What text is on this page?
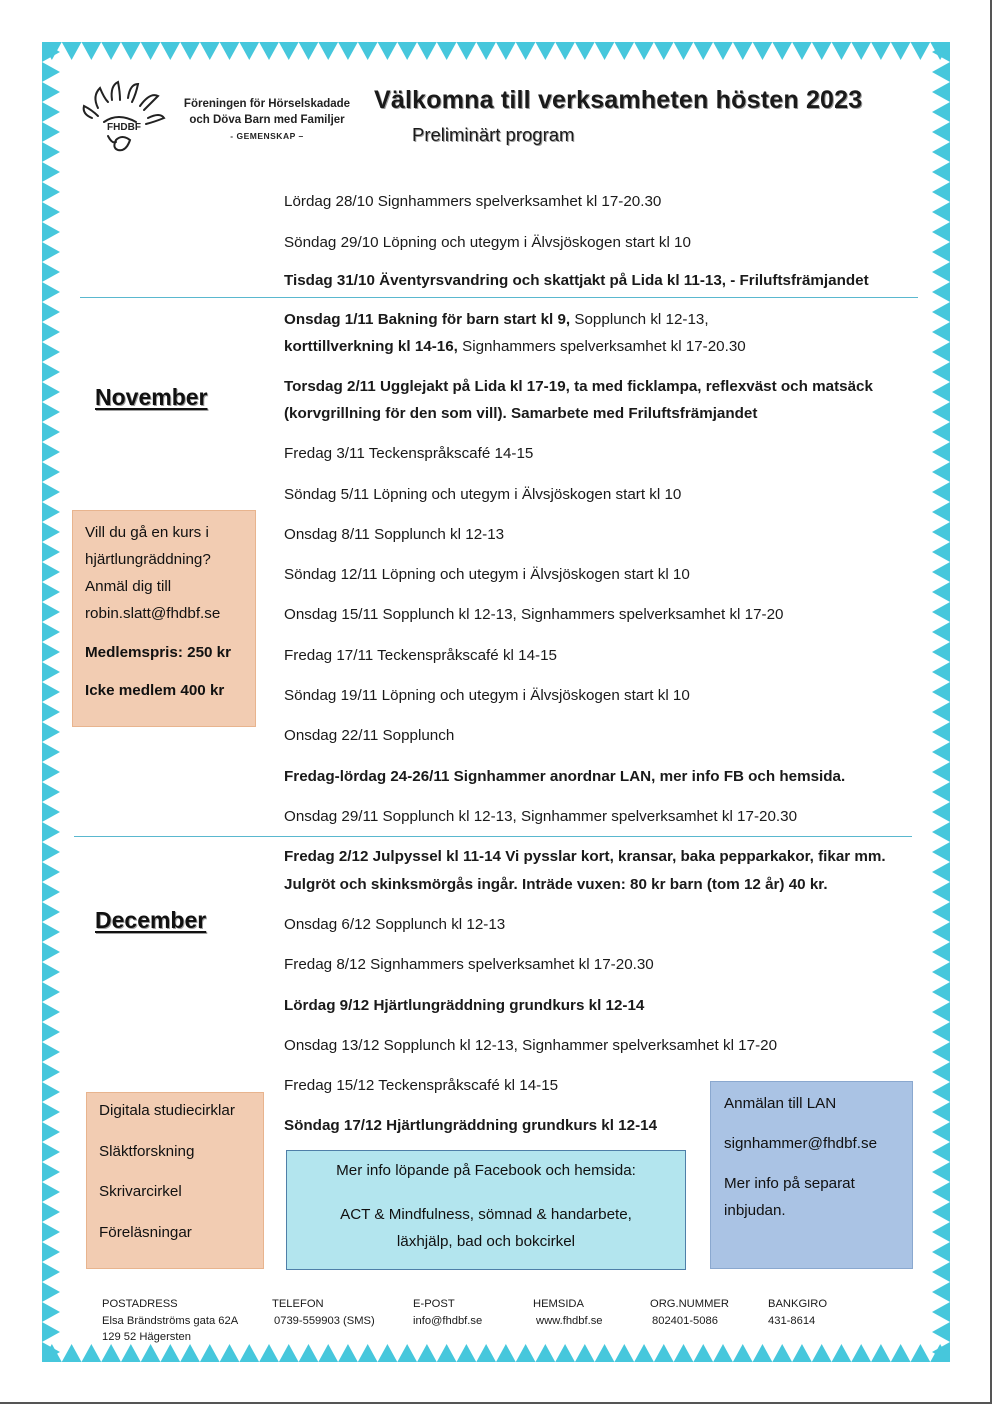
FHDBF
Föreningen för Hörselskadade
och Döva Barn med Familjer
- GEMENSKAP –
Välkomna till verksamheten hösten 2023
Preliminärt program
Lördag 28/10 Signhammers spelverksamhet kl 17-20.30
Söndag 29/10 Löpning och utegym i Älvsjöskogen start kl 10
Tisdag 31/10 Äventyrsvandring och skattjakt på Lida kl 11-13, - Friluftsfrämjandet
November
Onsdag 1/11 Bakning för barn start kl 9, Sopplunch kl 12-13,
korttillverkning kl 14-16, Signhammers spelverksamhet kl 17-20.30
Torsdag 2/11 Ugglejakt på Lida kl 17-19, ta med ficklampa, reflexväst och matsäck
(korvgrillning för den som vill). Samarbete med Friluftsfrämjandet
Fredag 3/11 Teckenspråkscafé 14-15
Söndag 5/11 Löpning och utegym i Älvsjöskogen start kl 10
Onsdag 8/11 Sopplunch kl 12-13
Söndag 12/11 Löpning och utegym i Älvsjöskogen start kl 10
Onsdag 15/11 Sopplunch kl 12-13, Signhammers spelverksamhet kl 17-20
Fredag 17/11 Teckenspråkscafé kl 14-15
Söndag 19/11 Löpning och utegym i Älvsjöskogen start kl 10
Onsdag 22/11 Sopplunch
Fredag-lördag 24-26/11 Signhammer anordnar LAN, mer info FB och hemsida.
Onsdag 29/11 Sopplunch kl 12-13, Signhammer spelverksamhet kl 17-20.30
December
Fredag 2/12 Julpyssel kl 11-14 Vi pysslar kort, kransar, baka pepparkakor, fikar mm.
Julgröt och skinksmörgås ingår. Inträde vuxen: 80 kr barn (tom 12 år) 40 kr.
Onsdag 6/12 Sopplunch kl 12-13
Fredag 8/12 Signhammers spelverksamhet kl 17-20.30
Lördag 9/12 Hjärtlungräddning grundkurs kl 12-14
Onsdag 13/12 Sopplunch kl 12-13, Signhammer spelverksamhet kl 17-20
Fredag 15/12 Teckenspråkscafé kl 14-15
Söndag 17/12 Hjärtlungräddning grundkurs kl 12-14

Vill du gå en kurs i

hjärtlungräddning?

Anmäl dig till

robin.slatt@fhdbf.se

Medlemspris: 250 kr

Icke medlem 400 kr

Digitala studiecirklar

Släktforskning

Skrivarcirkel

Föreläsningar

Mer info löpande på Facebook och hemsida:
ACT & Mindfulness, sömnad & handarbete,
läxhjälp, bad och bokcirkel
Anmälan till LAN
signhammer@fhdbf.se
Mer info på separat
inbjudan.
POSTADRESS
Elsa Brändströms gata 62A
129 52 Hägersten
TELEFON
0739-559903 (SMS)
E-POST
info@fhdbf.se
HEMSIDA
www.fhdbf.se
ORG.NUMMER
802401-5086
BANKGIRO
431-8614
